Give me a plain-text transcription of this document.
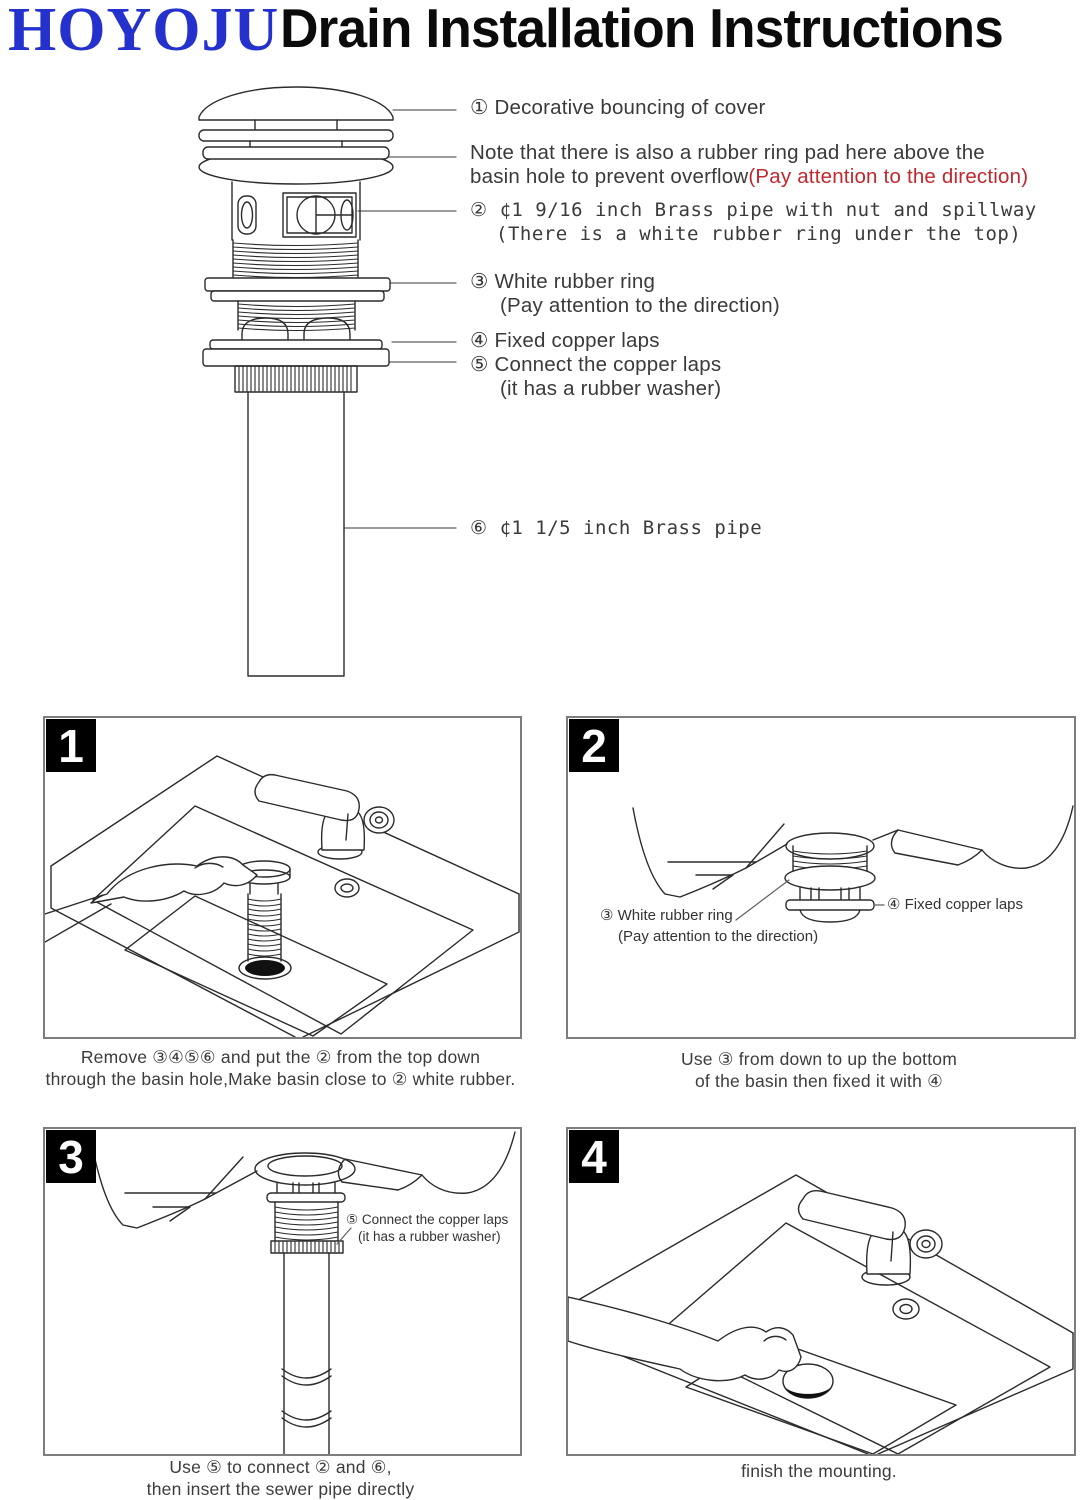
HOYOJU Drain Installation Instructions
① Decorative bouncing of cover
Note that there is also a rubber ring pad here above the
basin hole to prevent overflow(Pay attention to the direction)
② ¢1 9/16 inch Brass pipe with nut and spillway
(There is a white rubber ring under the top)
③ White rubber ring
(Pay attention to the direction)
④ Fixed copper laps
⑤ Connect the copper laps
(it has a rubber washer)
⑥ ¢1 1/5 inch Brass pipe
1	2
③ White rubber ring
(Pay attention to the direction)
④ Fixed copper laps
3
⑤ Connect the copper laps
(it has a rubber washer)
4
Remove ③④⑤⑥ and put the ② from the top down
through the basin hole,Make basin close to ② white rubber.
Use ③ from down to up the bottom
of the basin then fixed it with ④
Use ⑤ to connect ② and ⑥,
then insert the sewer pipe directly
finish the mounting.
